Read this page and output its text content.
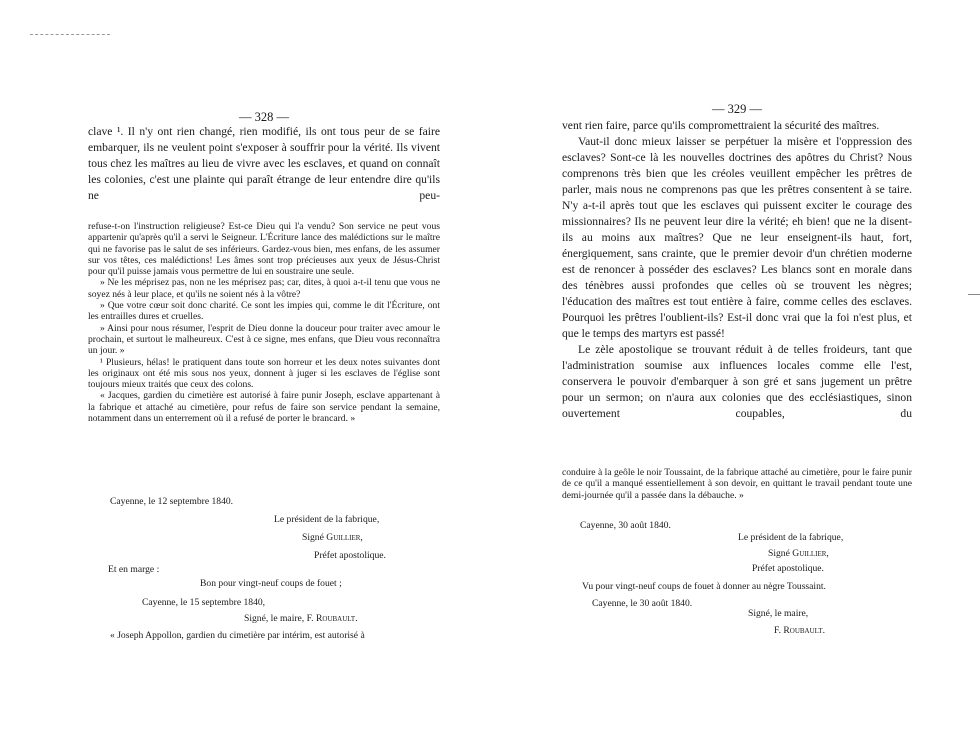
— 328 —

clave ¹. Il n'y ont rien changé, rien modifié, ils ont tous peur de se faire embarquer, ils ne veulent point s'exposer à souffrir pour la vérité. Ils vivent tous chez les maîtres au lieu de vivre avec les esclaves, et quand on connaît les colonies, c'est une plainte qui paraît étrange de leur entendre dire qu'ils ne peu-

refuse-t-on l'instruction religieuse? Est-ce Dieu qui l'a vendu? Son service ne peut vous appartenir qu'après qu'il a servi le Seigneur. L'Écriture lance des malédictions sur le maître qui ne favorise pas le salut de ses inférieurs. Gardez-vous bien, mes enfans, de les assumer sur vos têtes, ces malédictions! Les âmes sont trop précieuses aux yeux de Jésus-Christ pour qu'il puisse jamais vous permettre de lui en soustraire une seule.

» Ne les méprisez pas, non ne les méprisez pas; car, dites, à quoi a-t-il tenu que vous ne soyez nés à leur place, et qu'ils ne soient nés à la vôtre?

» Que votre cœur soit donc charité. Ce sont les impies qui, comme le dit l'Écriture, ont les entrailles dures et cruelles.

» Ainsi pour nous résumer, l'esprit de Dieu donne la douceur pour traiter avec amour le prochain, et surtout le malheureux. C'est à ce signe, mes enfans, que Dieu vous reconnaîtra un jour. »

¹ Plusieurs, hélas! le pratiquent dans toute son horreur et les deux notes suivantes dont les originaux ont été mis sous nos yeux, donnent à juger si les esclaves de l'église sont toujours mieux traités que ceux des colons.

« Jacques, gardien du cimetière est autorisé à faire punir Joseph, esclave appartenant à la fabrique et attaché au cimetière, pour refus de faire son service pendant la semaine, notamment dans un enterrement où il a refusé de porter le brancard. »

Cayenne, le 12 septembre 1840.
Le président de la fabrique,
Signé Guillier,
Préfet apostolique.
Et en marge :
Bon pour vingt-neuf coups de fouet ;
Cayenne, le 15 septembre 1840,
Signé, le maire, F. Roubault.
« Joseph Appollon, gardien du cimetière par intérim, est autorisé à
— 329 —

vent rien faire, parce qu'ils compromettraient la sécurité des maîtres.

Vaut-il donc mieux laisser se perpétuer la misère et l'oppression des esclaves? Sont-ce là les nouvelles doctrines des apôtres du Christ? Nous comprenons très bien que les créoles veuillent empêcher les prêtres de parler, mais nous ne comprenons pas que les prêtres consentent à se taire. N'y a-t-il après tout que les esclaves qui puissent exciter le courage des missionnaires? Ils ne peuvent leur dire la vérité; eh bien! que ne la disent-ils au moins aux maîtres? Que ne leur enseignent-ils haut, fort, énergiquement, sans crainte, que le premier devoir d'un chrétien moderne est de renoncer à posséder des esclaves? Les blancs sont en morale dans des ténèbres aussi profondes que celles où se trouvent les nègres; l'éducation des maîtres est tout entière à faire, comme celles des esclaves. Pourquoi les prêtres l'oublient-ils? Est-il donc vrai que la foi n'est plus, et que le temps des martyrs est passé!

Le zèle apostolique se trouvant réduit à de telles froideurs, tant que l'administration soumise aux influences locales comme elle l'est, conservera le pouvoir d'embarquer à son gré et sans jugement un prêtre pour un sermon; on n'aura aux colonies que des ecclésiastiques, sinon ouvertement coupables, du

conduire à la geôle le noir Toussaint, de la fabrique attaché au cimetière, pour le faire punir de ce qu'il a manqué essentiellement à son devoir, en quittant le travail pendant toute une demi-journée qu'il a passée dans la débauche. »

Cayenne, 30 août 1840.
Le président de la fabrique,
Signé Guillier,
Préfet apostolique.
Vu pour vingt-neuf coups de fouet à donner au nègre Toussaint.
Cayenne, le 30 août 1840.
Signé, le maire,
F. Roubault.
